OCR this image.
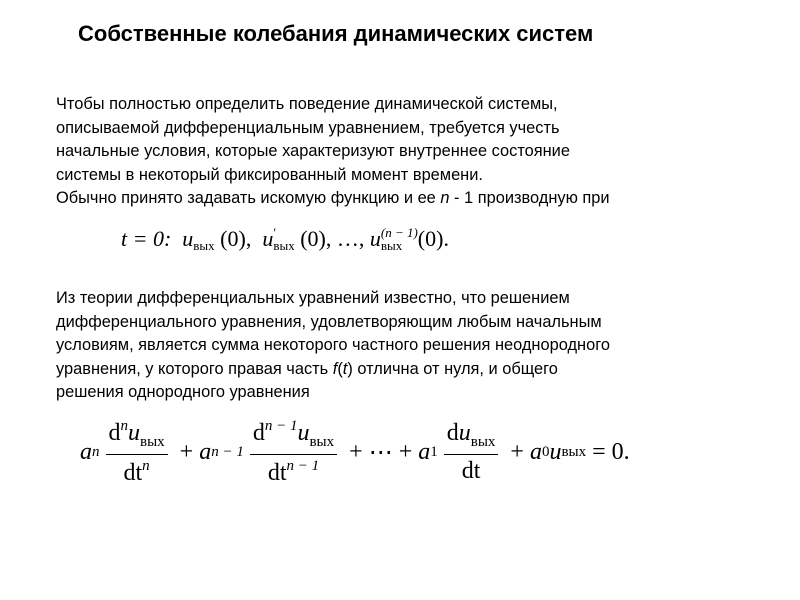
Собственные колебания динамических систем

Чтобы полностью определить поведение динамической системы,

описываемой дифференциальным уравнением, требуется учесть

начальные условия, которые характеризуют внутреннее состояние

системы в некоторый фиксированный момент времени.

Обычно принято задавать искомую функцию и ее n - 1 производную при

t = 0: $u_{вых}$ (0), u ′
вых (0), …, u (n − 1)
вых (0).

Из теории дифференциальных уравнений известно, что решением

дифференциального уравнения, удовлетворяющим любым начальным

условиям, является сумма некоторого частного решения неоднородного

уравнения, у которого правая часть f(t) отлична от нуля, и общего

решения однородного уравнения

a n $\frac{d^nu_{вых}}{dt^n} + a$ $n - 1 \frac{d^{n - 1}u_{вых}}{dt^{n - 1}}$ + ⋯ + a $1 \frac{du_{вых}}{dt} + a$ 0 u вых = 0.
